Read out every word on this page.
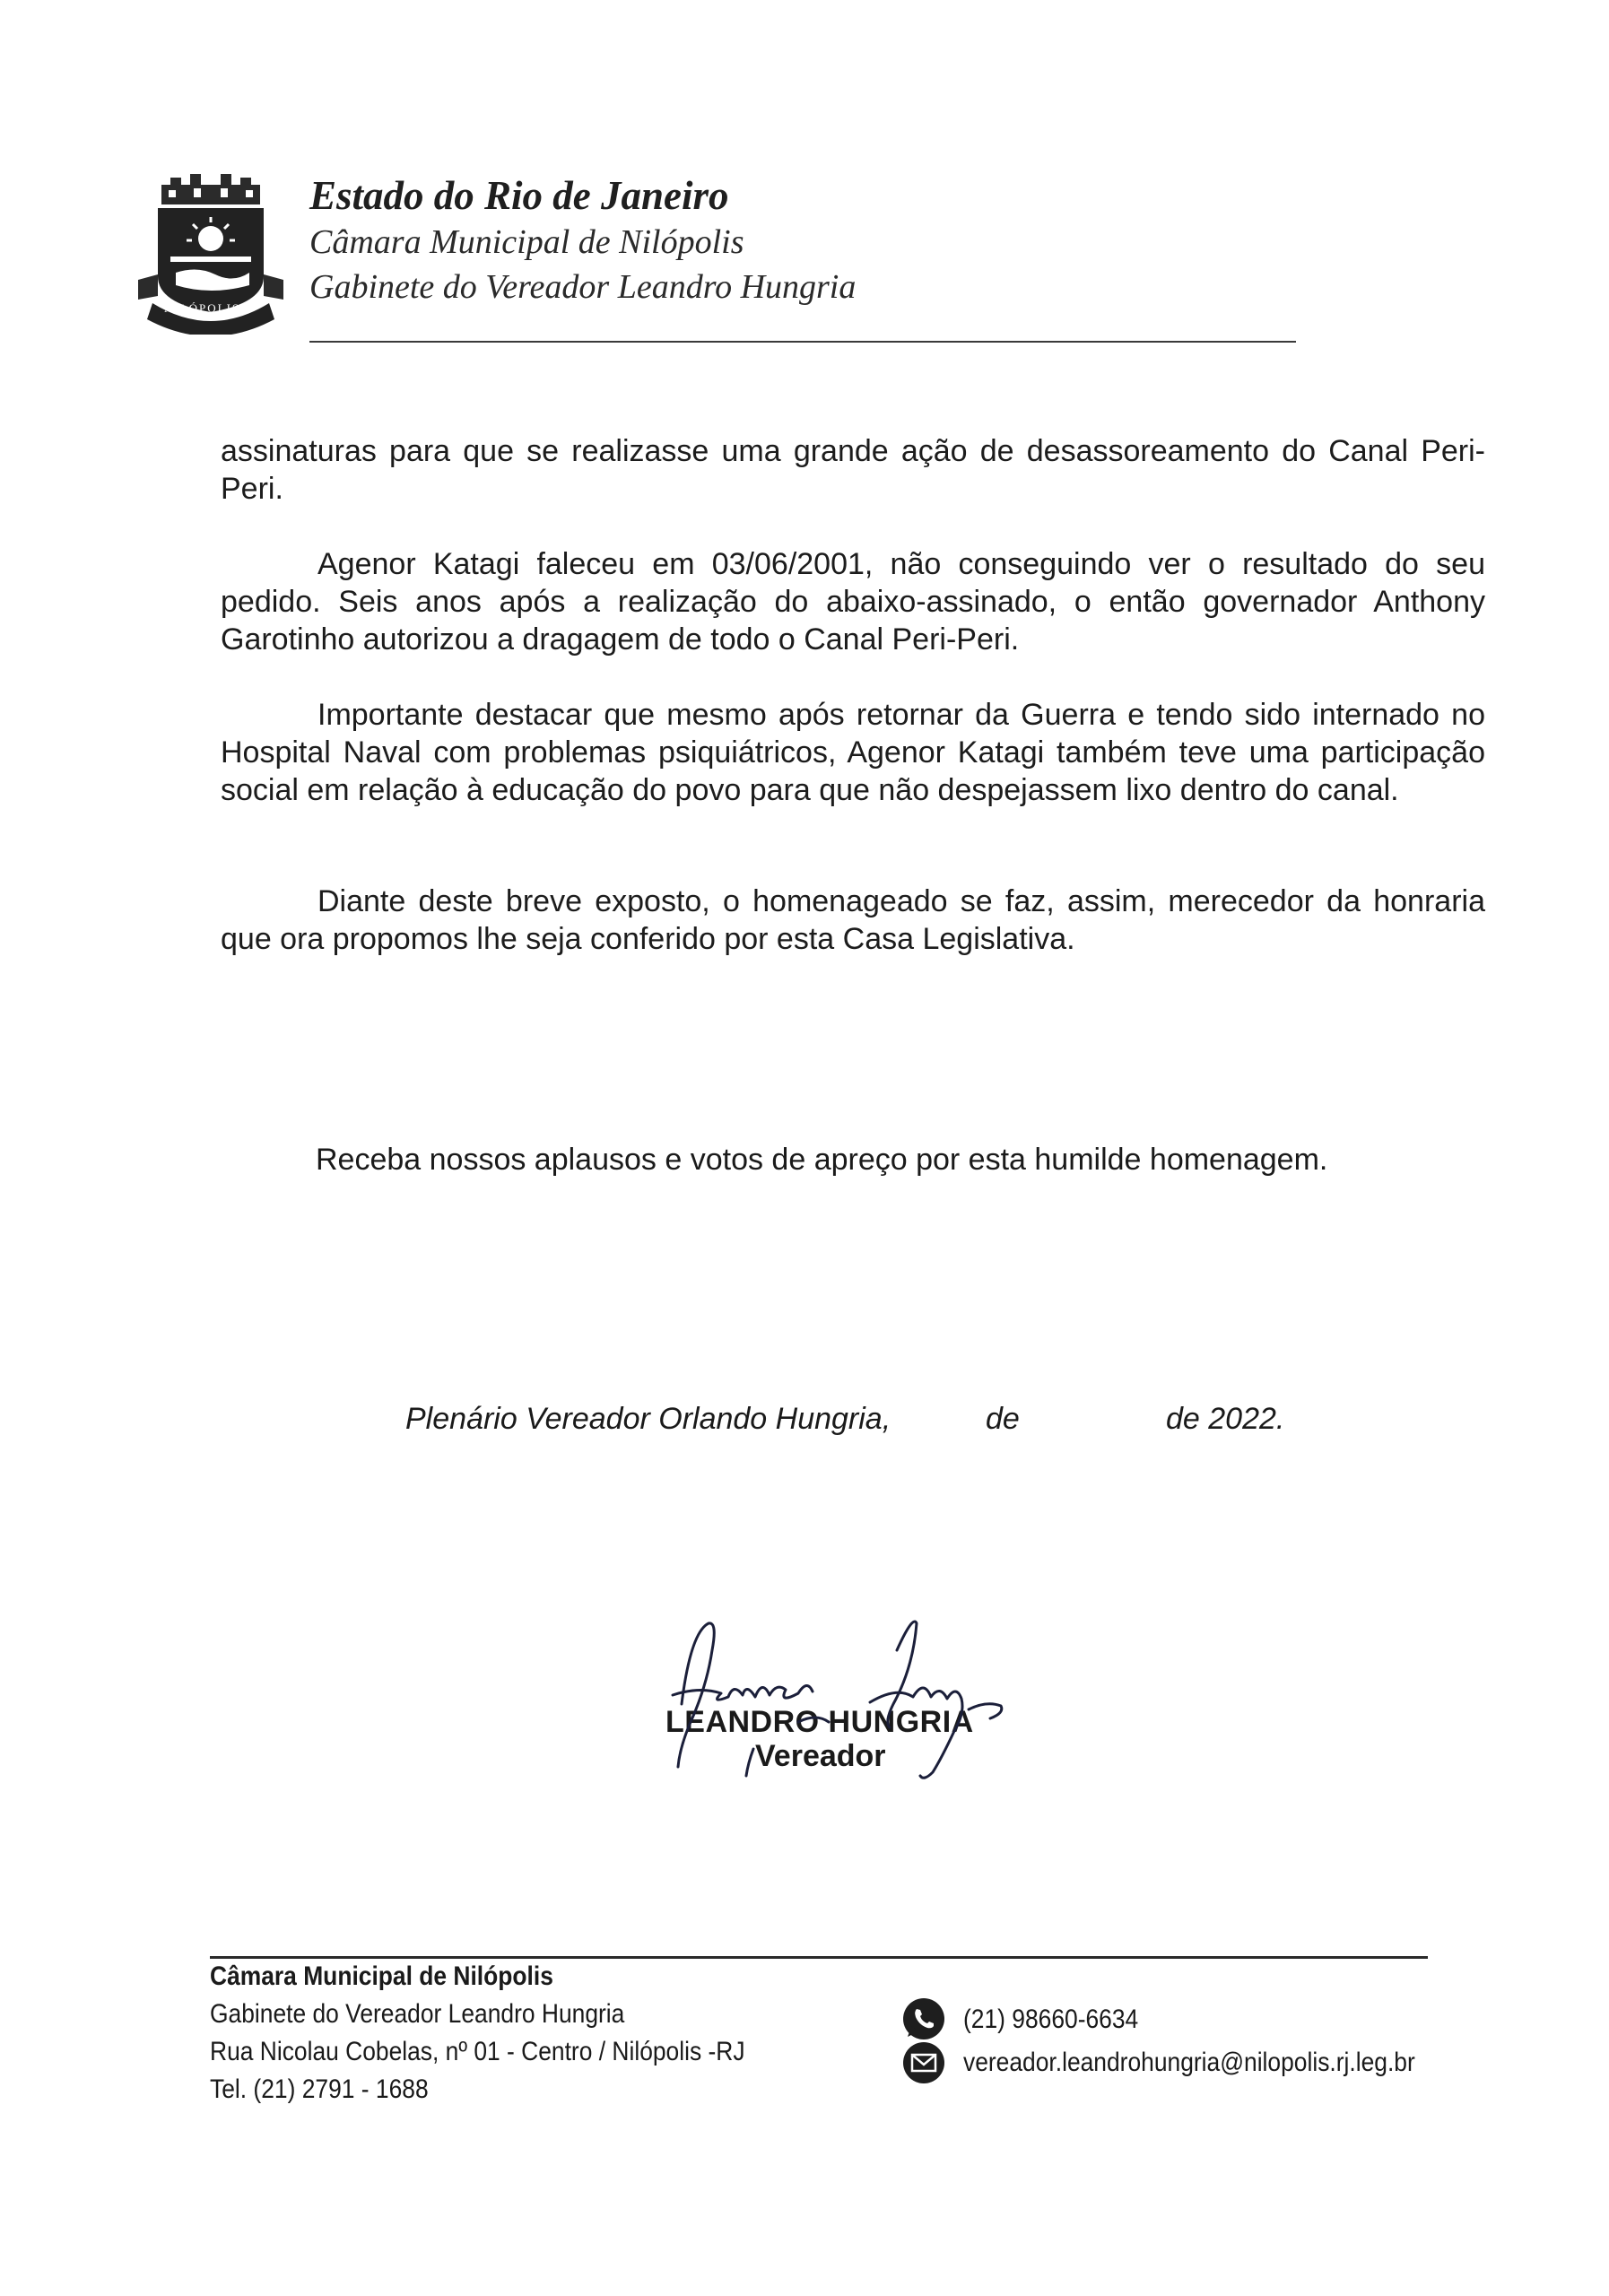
NILÓPOLIS
Estado do Rio de Janeiro

Câmara Municipal de Nilópolis

Gabinete do Vereador Leandro Hungria

assinaturas para que se realizasse uma grande ação de desassoreamento do Canal Peri-Peri.

Agenor Katagi faleceu em 03/06/2001, não conseguindo ver o resultado do seu pedido. Seis anos após a realização do abaixo-assinado, o então governador Anthony Garotinho autorizou a dragagem de todo o Canal Peri-Peri.

Importante destacar que mesmo após retornar da Guerra e tendo sido internado no Hospital Naval com problemas psiquiátricos, Agenor Katagi também teve uma participação social em relação à educação do povo para que não despejassem lixo dentro do canal.

Diante deste breve exposto, o homenageado se faz, assim, merecedor da honraria que ora propomos lhe seja conferido por esta Casa Legislativa.

Receba nossos aplausos e votos de apreço por esta humilde homenagem.

Plenário Vereador Orlando Hungria,	de	de 2022.

LEANDRO HUNGRIA

Vereador

Câmara Municipal de Nilópolis

Gabinete do Vereador Leandro Hungria

Rua Nicolau Cobelas, nº 01 - Centro / Nilópolis -RJ

Tel. (21) 2791 - 1688

(21) 98660-6634

vereador.leandrohungria@nilopolis.rj.leg.br
